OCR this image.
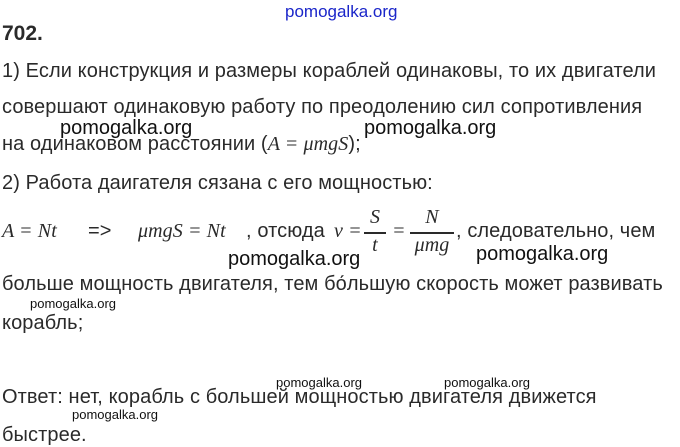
pomogalka.org
702.
1) Если конструкция и размеры кораблей одинаковы, то их двигатели
совершают одинаковую работу по преодолению сил сопротивления
pomogalka.org	pomogalka.org
на одинаковом расстоянии (A = μmgS);
2) Работа даигателя сязана с его мощностью:
A = Nt => μmgS = Nt , отсюда v =
S
t
=
N
μmg
, следовательно, чем
pomogalka.org	pomogalka.org
больше мощность двигателя, тем бо́льшую скорость может развивать
pomogalka.org
корабль;
pomogalka.org	pomogalka.org
Ответ: нет, корабль с большей мощностью двигателя движется
pomogalka.org
быстрее.
